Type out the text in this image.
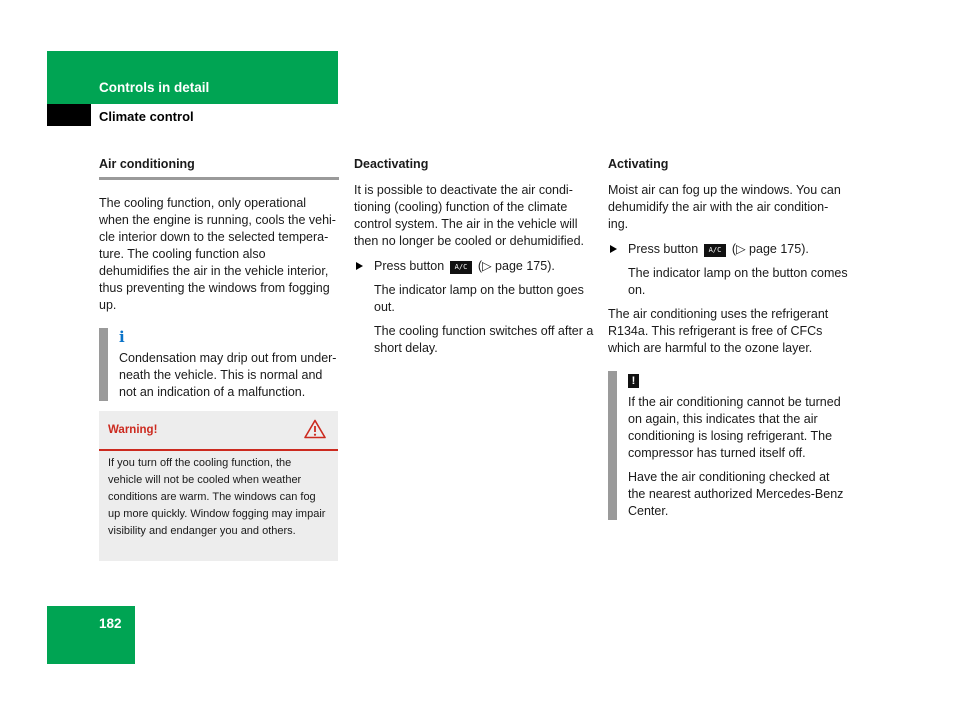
Controls in detail
Climate control
Air conditioning

The cooling function, only operational when the engine is running, cools the vehi-cle interior down to the selected tempera-ture. The cooling function also dehumidifies the air in the vehicle interior, thus preventing the windows from fogging up.

i

Condensation may drip out from under-neath the vehicle. This is normal and not an indication of a malfunction.

Warning!
If you turn off the cooling function, the vehicle will not be cooled when weather conditions are warm. The windows can fog up more quickly. Window fogging may impair visibility and endanger you and others.
Deactivating

It is possible to deactivate the air condi-tioning (cooling) function of the climate control system. The air in the vehicle will then no longer be cooled or dehumidified.

Press button A/C (▷ page 175).

The indicator lamp on the button goes out.

The cooling function switches off after a short delay.

Activating

Moist air can fog up the windows. You can dehumidify the air with the air condition-ing.

Press button A/C (▷ page 175).

The indicator lamp on the button comes on.

The air conditioning uses the refrigerant R134a. This refrigerant is free of CFCs which are harmful to the ozone layer.

!

If the air conditioning cannot be turned on again, this indicates that the air conditioning is losing refrigerant. The compressor has turned itself off.

Have the air conditioning checked at the nearest authorized Mercedes-Benz Center.

182
